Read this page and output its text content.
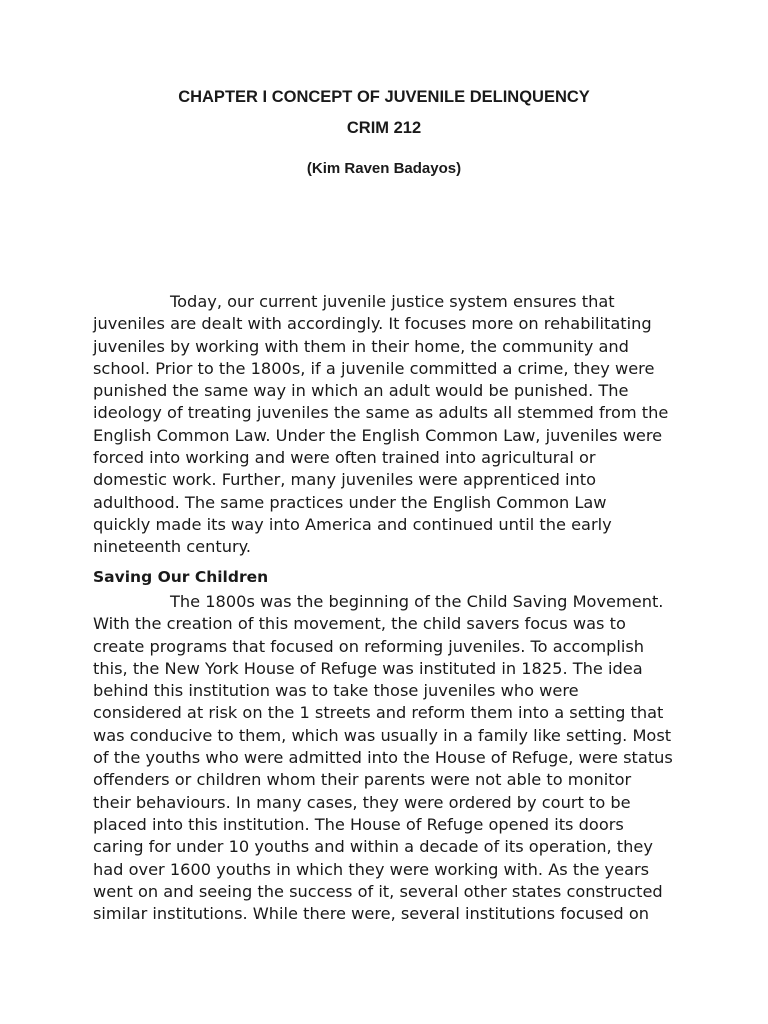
CHAPTER I CONCEPT OF JUVENILE DELINQUENCY
CRIM 212

(Kim Raven Badayos)

Today, our current juvenile justice system ensures that
juveniles are dealt with accordingly. It focuses more on rehabilitating
juveniles by working with them in their home, the community and
school. Prior to the 1800s, if a juvenile committed a crime, they were
punished the same way in which an adult would be punished. The
ideology of treating juveniles the same as adults all stemmed from the
English Common Law. Under the English Common Law, juveniles were
forced into working and were often trained into agricultural or
domestic work. Further, many juveniles were apprenticed into
adulthood. The same practices under the English Common Law
quickly made its way into America and continued until the early
nineteenth century.

Saving Our Children

The 1800s was the beginning of the Child Saving Movement.
With the creation of this movement, the child savers focus was to
create programs that focused on reforming juveniles. To accomplish
this, the New York House of Refuge was instituted in 1825. The idea
behind this institution was to take those juveniles who were
considered at risk on the 1 streets and reform them into a setting that
was conducive to them, which was usually in a family like setting. Most
of the youths who were admitted into the House of Refuge, were status
offenders or children whom their parents were not able to monitor
their behaviours. In many cases, they were ordered by court to be
placed into this institution. The House of Refuge opened its doors
caring for under 10 youths and within a decade of its operation, they
had over 1600 youths in which they were working with. As the years
went on and seeing the success of it, several other states constructed
similar institutions. While there were, several institutions focused on
